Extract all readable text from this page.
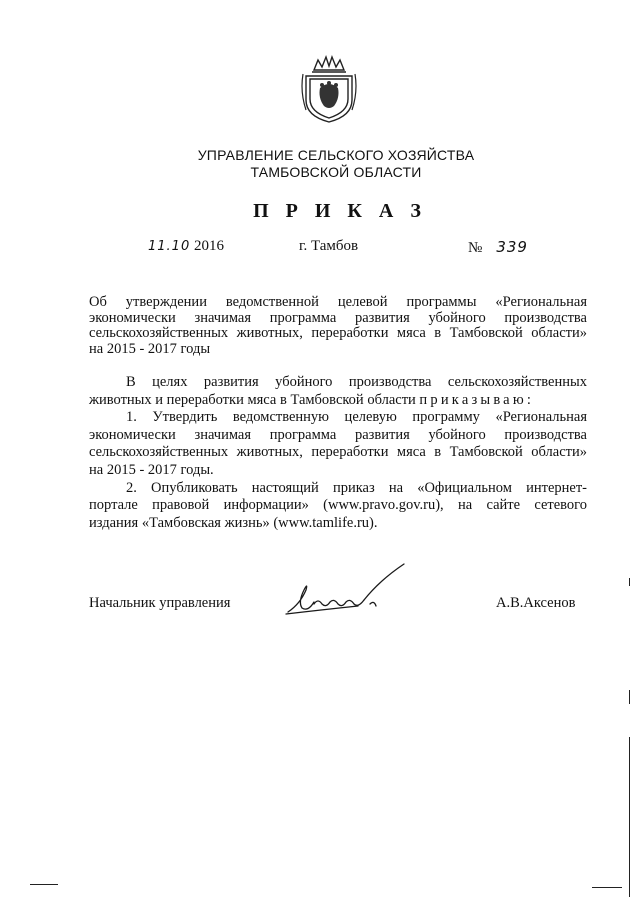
УПРАВЛЕНИЕ СЕЛЬСКОГО ХОЗЯЙСТВА
ТАМБОВСКОЙ ОБЛАСТИ
П Р И К А З
11.10 2016	г. Тамбов	№ 339

Об утверждении ведомственной целевой программы «Региональная

экономически значимая программа развития убойного производства

сельскохозяйственных животных, переработки мяса в Тамбовской области»

на 2015 - 2017 годы

В целях развития убойного производства сельскохозяйственных

животных и переработки мяса в Тамбовской области приказываю:

1. Утвердить ведомственную целевую программу «Региональная

экономически значимая программа развития убойного производства

сельскохозяйственных животных, переработки мяса в Тамбовской области»

на 2015 - 2017 годы.

2. Опубликовать настоящий приказ на «Официальном интернет-

портале правовой информации» (www.pravo.gov.ru), на сайте сетевого

издания «Тамбовская жизнь» (www.tamlife.ru).

Начальник управления	А.В.Аксенов
